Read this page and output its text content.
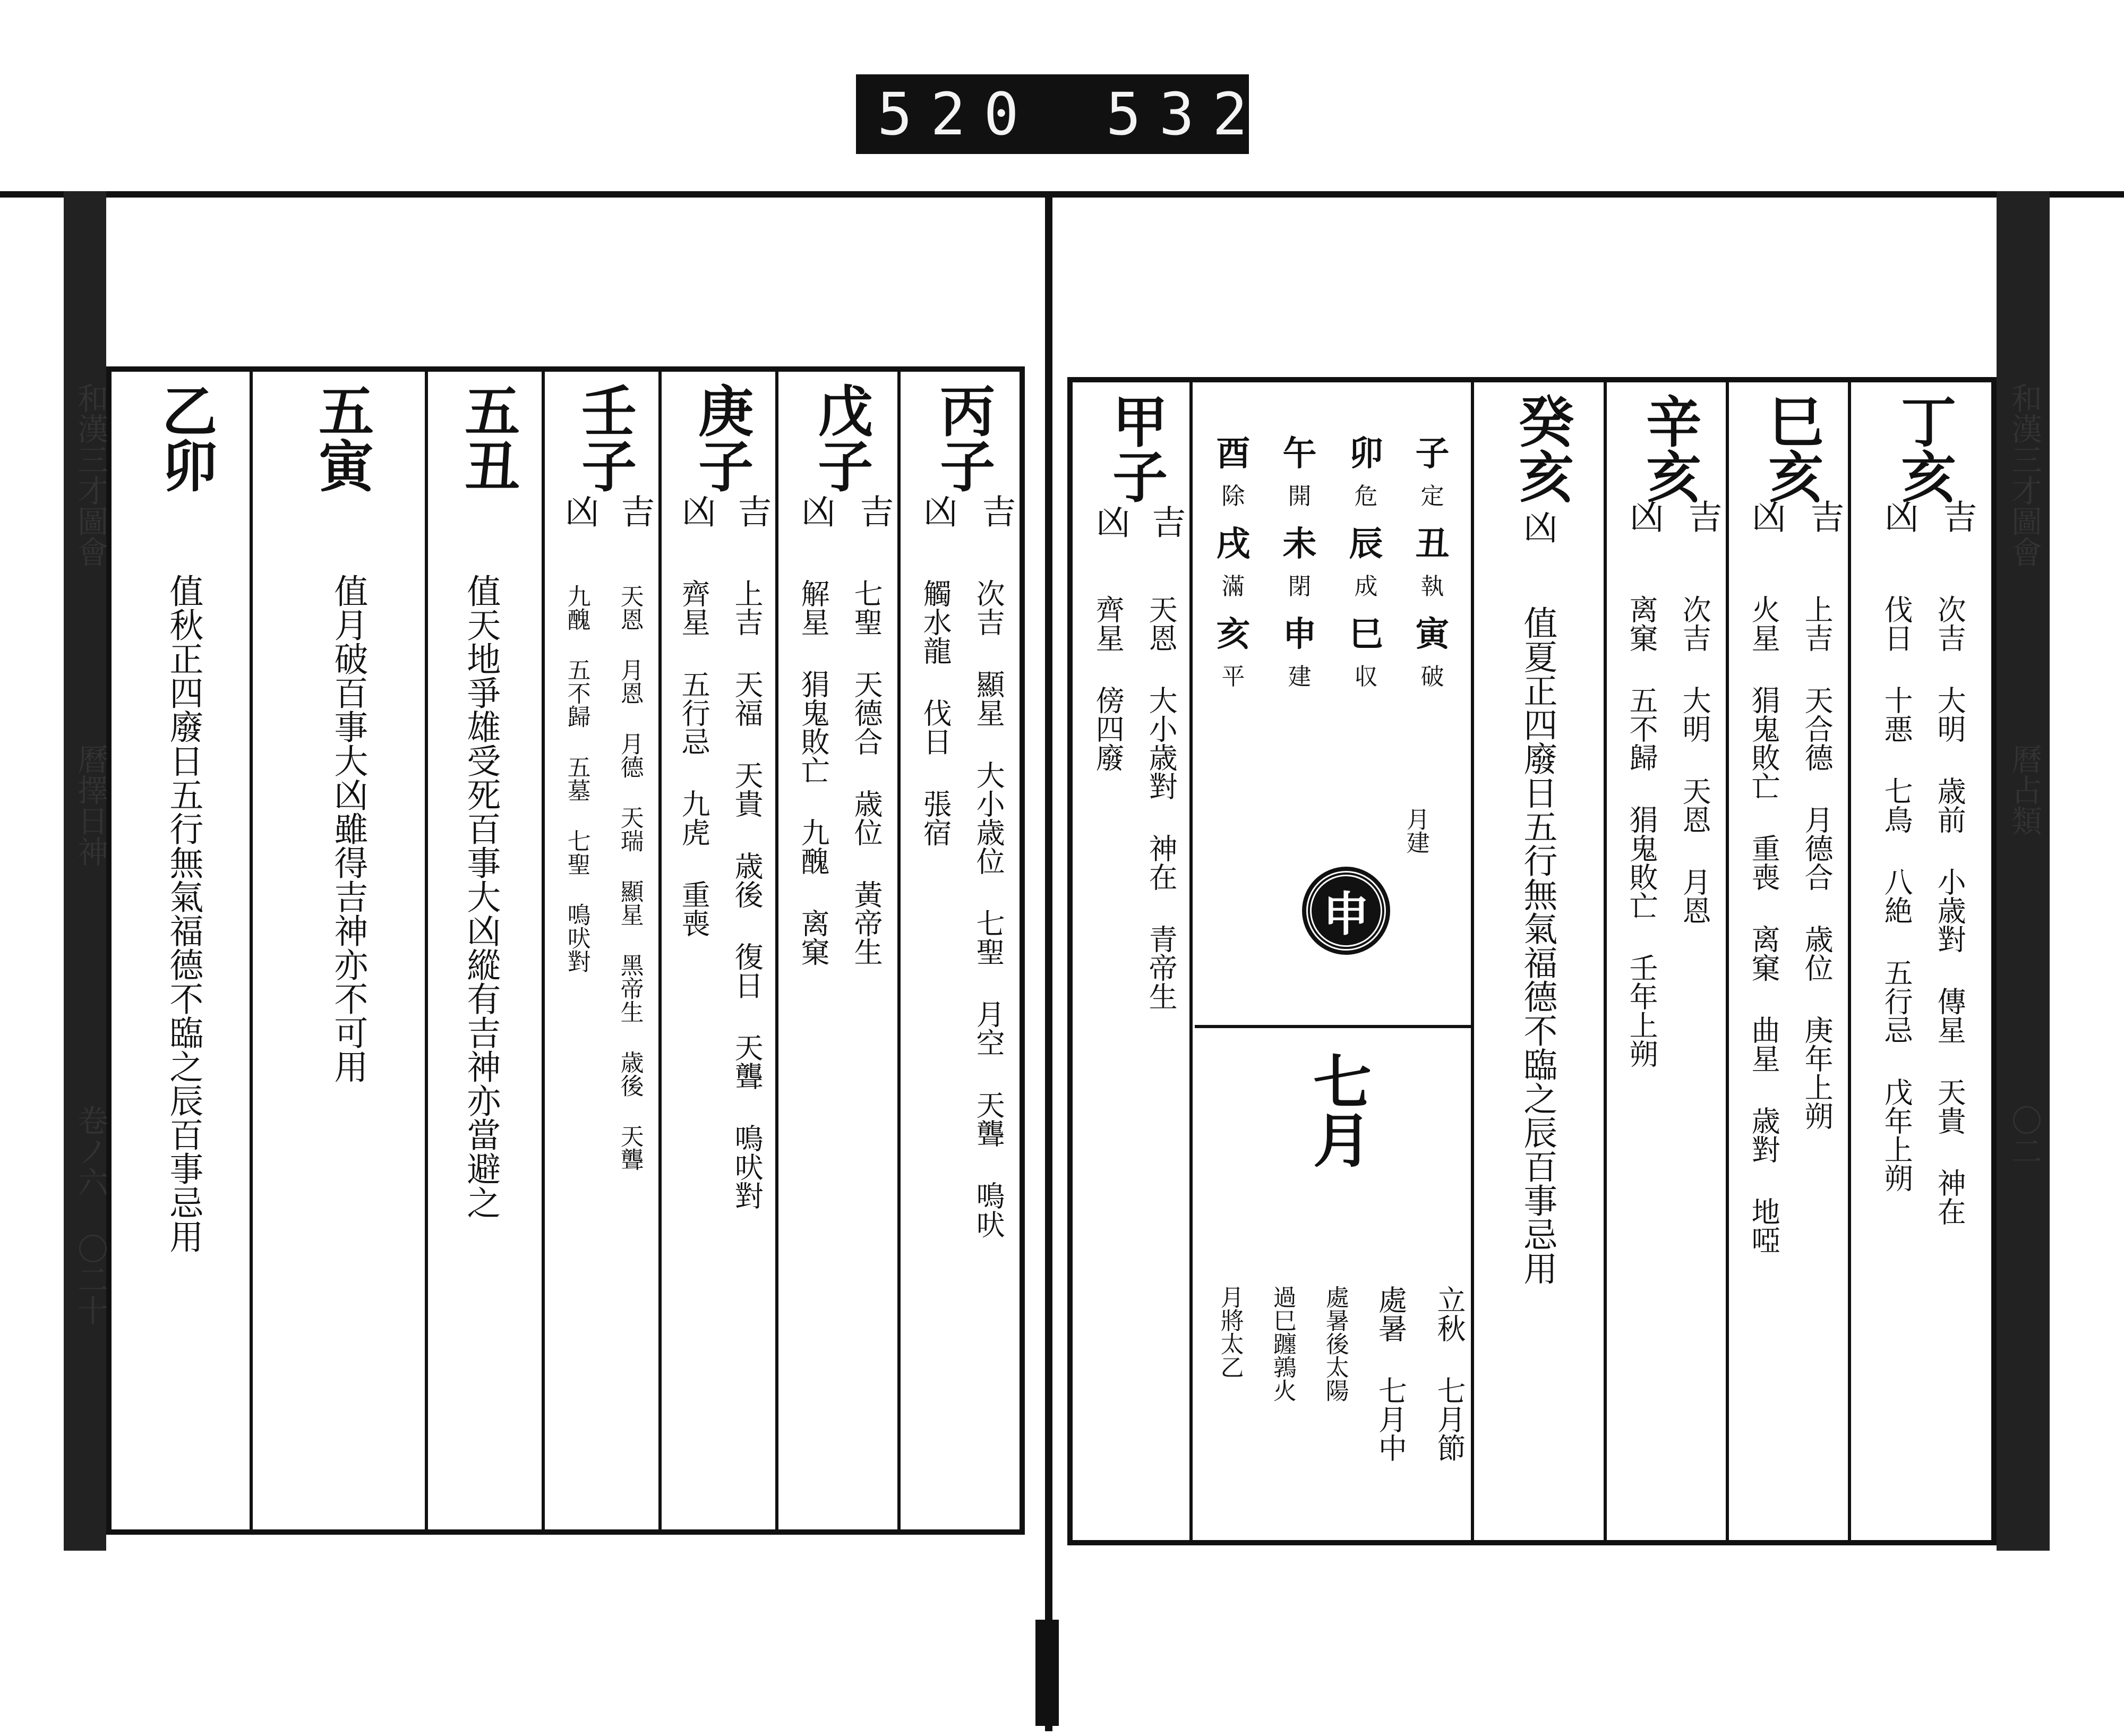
520 532
和漢三才圖會
曆擇日神
卷ノ六 〇二十
丙子
吉
凶
次吉 顯星 大小歳位 七聖 月空 天聾 鳴吠
觸水龍 伐日 張宿
戊子
吉
凶
七聖 天德合 歳位 黃帝生
解星 狷鬼敗亡 九醜 离窠
庚子
吉
凶
上吉 天福 天貴 歳後 復日 天聾 鳴吠對
齊星 五行忌 九虎 重喪
壬子
吉
凶
天恩 月恩 月德 天瑞 顯星 黑帝生 歳後 天聾
九醜 五不歸 五墓 七聖 鳴吠對
五丑
值天地爭雄受死百事大凶縱有吉神亦當避之
五寅
值月破百事大凶雖得吉神亦不可用
乙卯
值秋正四廢日五行無氣福德不臨之辰百事忌用
和漢三才圖會
曆占類
〇二
丁亥
吉
凶
次吉 大明 歳前 小歳對 傳星 天貴 神在
伐日 十悪 七鳥 八絶 五行忌 戊年上朔
巳亥
吉
凶
上吉 天合德 月德合 歳位 庚年上朔
火星 狷鬼敗亡 重喪 离窠 曲星 歳對 地啞
辛亥
吉
凶
次吉 大明 天恩 月恩
离窠 五不歸 狷鬼敗亡 壬年上朔
癸亥
凶
值夏正四廢日五行無氣福德不臨之辰百事忌用
子
卯
午
酉
定
危
開
除
丑
辰
未
戌
執
成
閉
滿
寅
巳
申
亥
破
収
建
平
月建
申
七月
立秋 七月節
處暑 七月中
處暑後太陽
過巳躔鶉火
月將太乙
甲子
吉
凶
天恩 大小歳對 神在 青帝生
齊星 傍四廢
